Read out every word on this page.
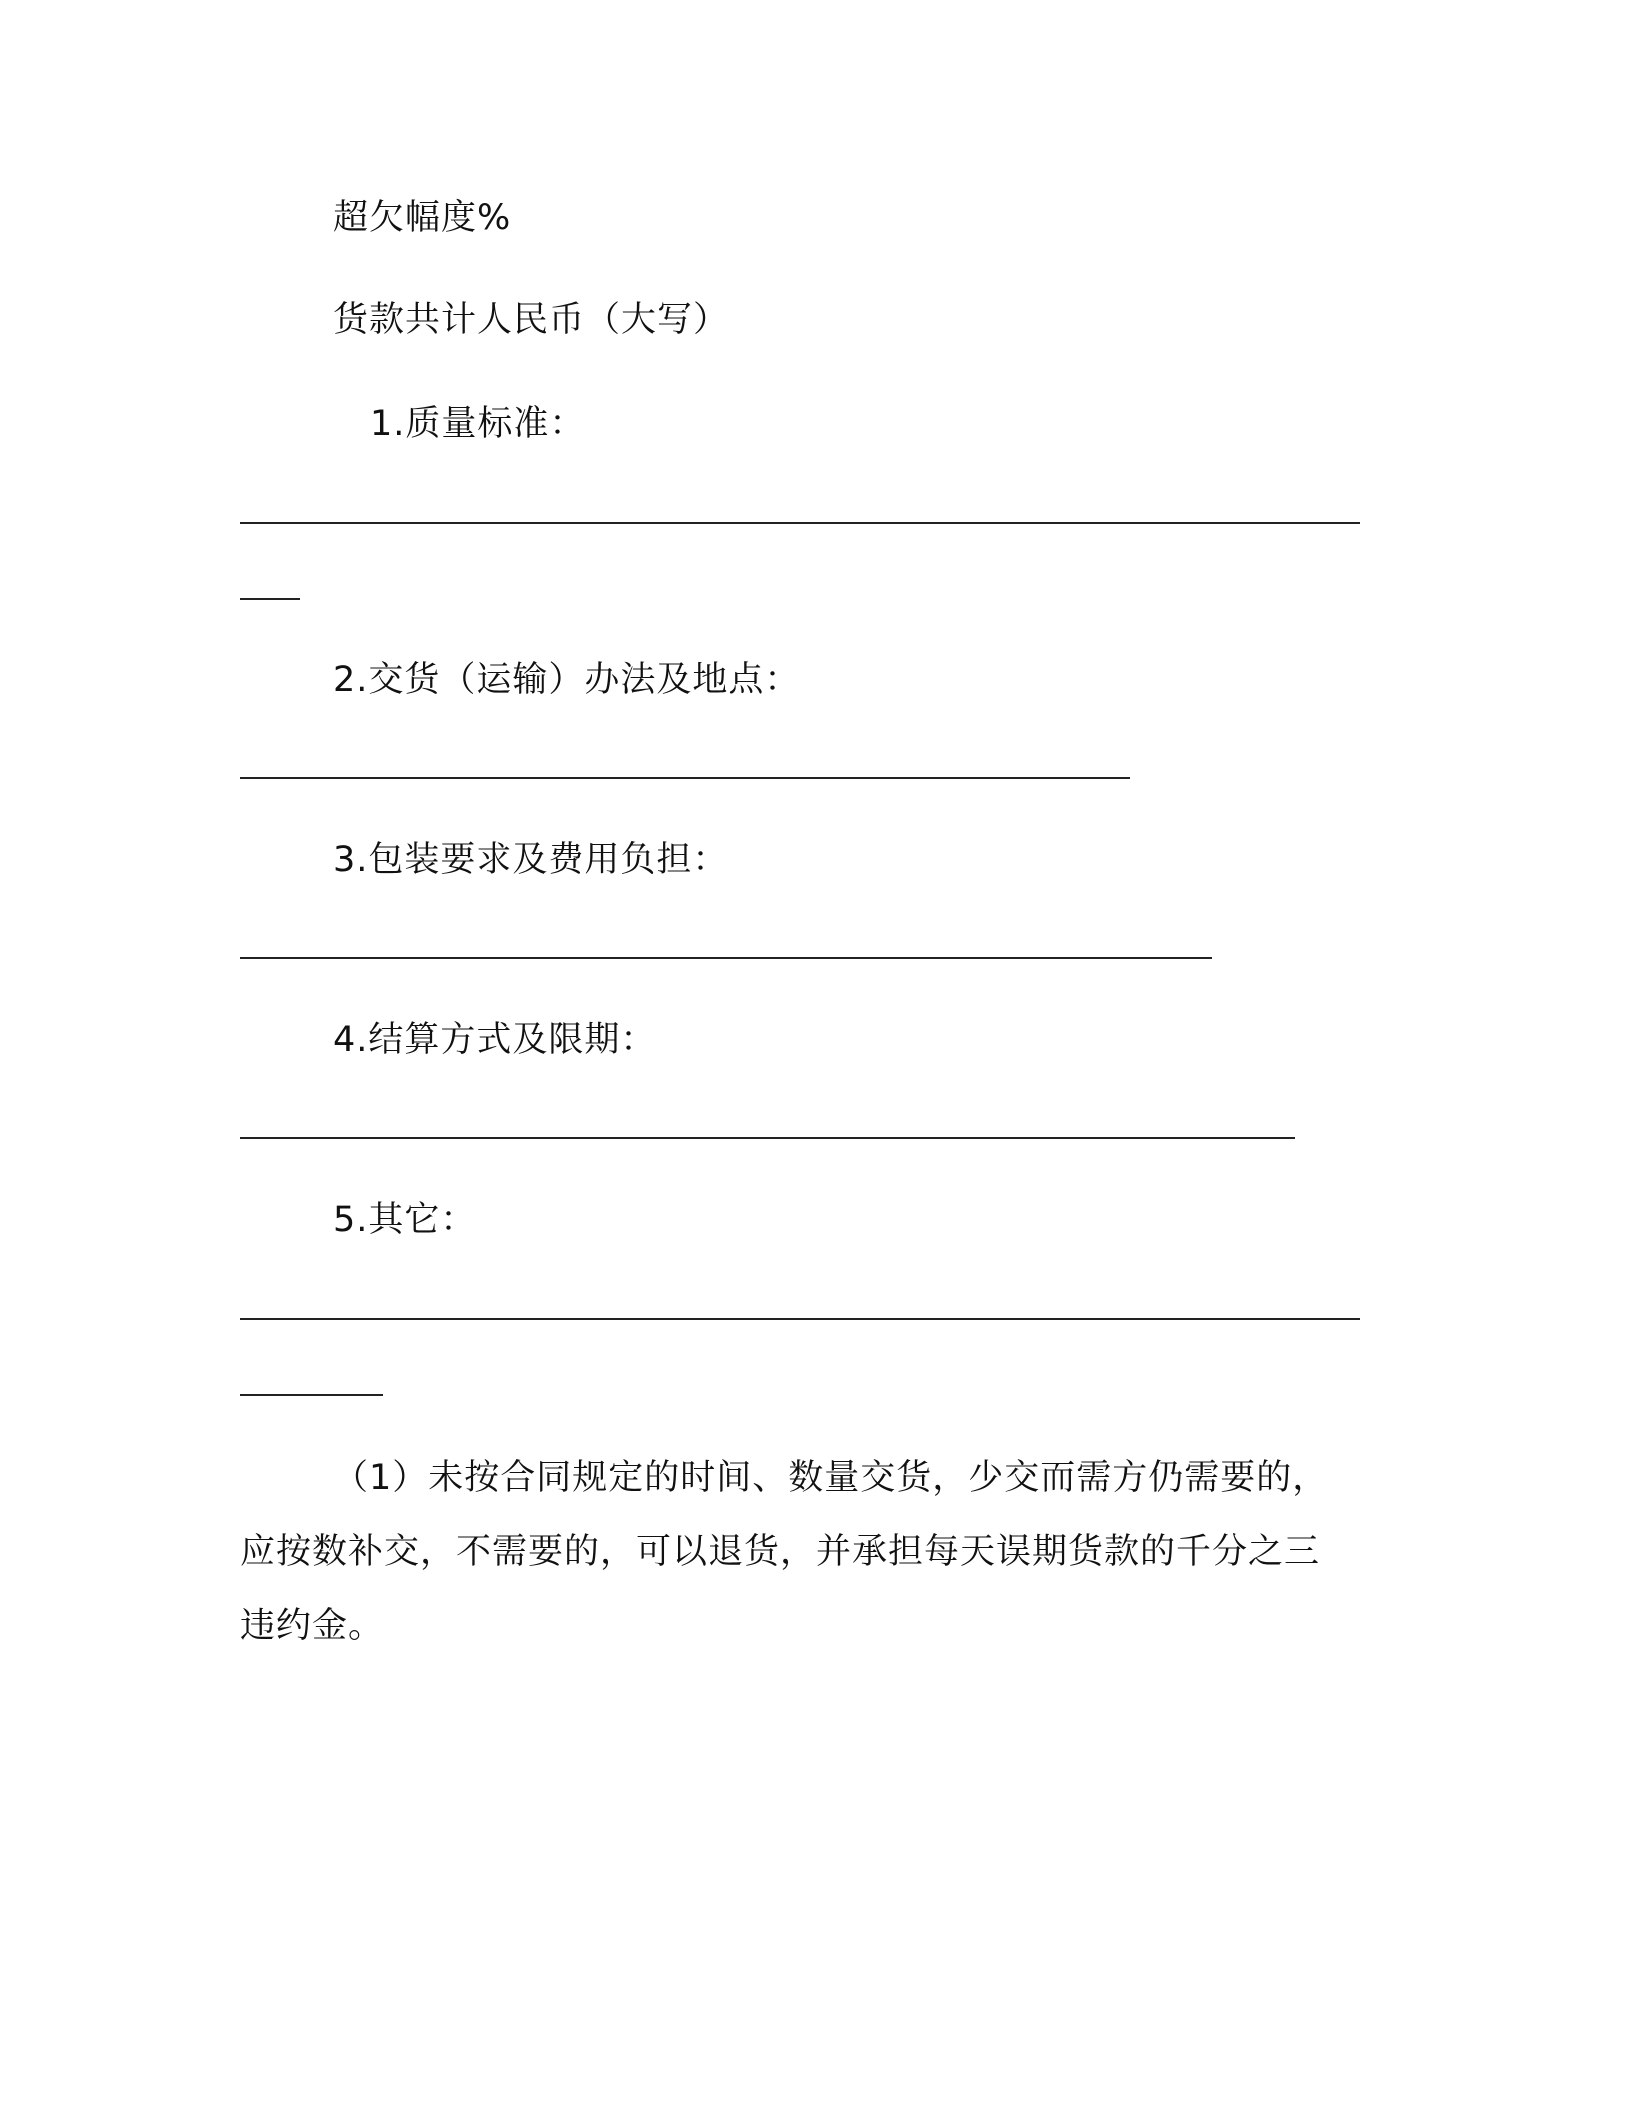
超欠幅度%
货款共计人民币（大写）
1.质量标准：
2.交货（运输）办法及地点：
3.包装要求及费用负担：
4.结算方式及限期：
5.其它：
（1）未按合同规定的时间、数量交货，少交而需方仍需要的，
应按数补交，不需要的，可以退货，并承担每天误期货款的千分之三
违约金。
